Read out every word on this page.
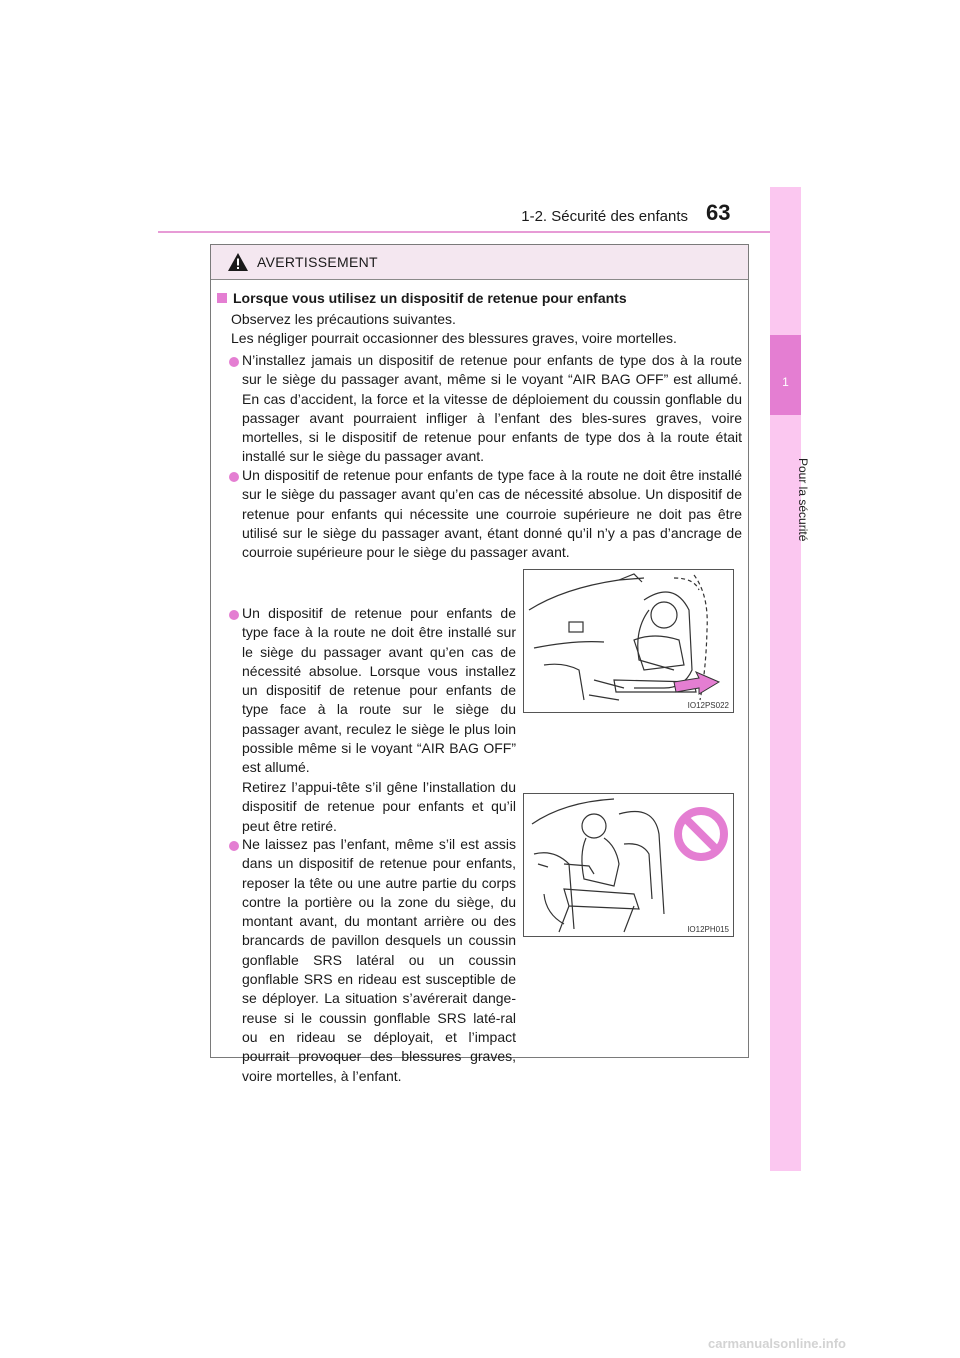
1-2. Sécurité des enfants 63
1
Pour la sécurité
AVERTISSEMENT
Lorsque vous utilisez un dispositif de retenue pour enfants
Observez les précautions suivantes.
Les négliger pourrait occasionner des blessures graves, voire mortelles.
N’installez jamais un dispositif de retenue pour enfants de type dos à la route sur le siège du passager avant, même si le voyant “AIR BAG OFF” est allumé. En cas d’accident, la force et la vitesse de déploiement du coussin gonflable du passager avant pourraient infliger à l’enfant des bles-sures graves, voire mortelles, si le dispositif de retenue pour enfants de type dos à la route était installé sur le siège du passager avant.
Un dispositif de retenue pour enfants de type face à la route ne doit être installé sur le siège du passager avant qu’en cas de nécessité absolue. Un dispositif de retenue pour enfants qui nécessite une courroie supérieure ne doit pas être utilisé sur le siège du passager avant, étant donné qu’il n’y a pas d’ancrage de courroie supérieure pour le siège du passager avant.
Un dispositif de retenue pour enfants de type face à la route ne doit être installé sur le siège du passager avant qu’en cas de nécessité absolue. Lorsque vous installez un dispositif de retenue pour enfants de type face à la route sur le siège du passager avant, reculez le siège le plus loin possible même si le voyant “AIR BAG OFF” est allumé.
Retirez l’appui-tête s’il gêne l’installation du dispositif de retenue pour enfants et qu’il peut être retiré.
IO12PS022
Ne laissez pas l’enfant, même s’il est assis dans un dispositif de retenue pour enfants, reposer la tête ou une autre partie du corps contre la portière ou la zone du siège, du montant avant, du montant arrière ou des brancards de pavillon desquels un coussin gonflable SRS latéral ou un coussin gonflable SRS en rideau est susceptible de se déployer. La situation s’avérerait dange-reuse si le coussin gonflable SRS laté-ral ou en rideau se déployait, et l’impact pourrait provoquer des blessures graves, voire mortelles, à l’enfant.
IO12PH015
carmanualsonline.info
